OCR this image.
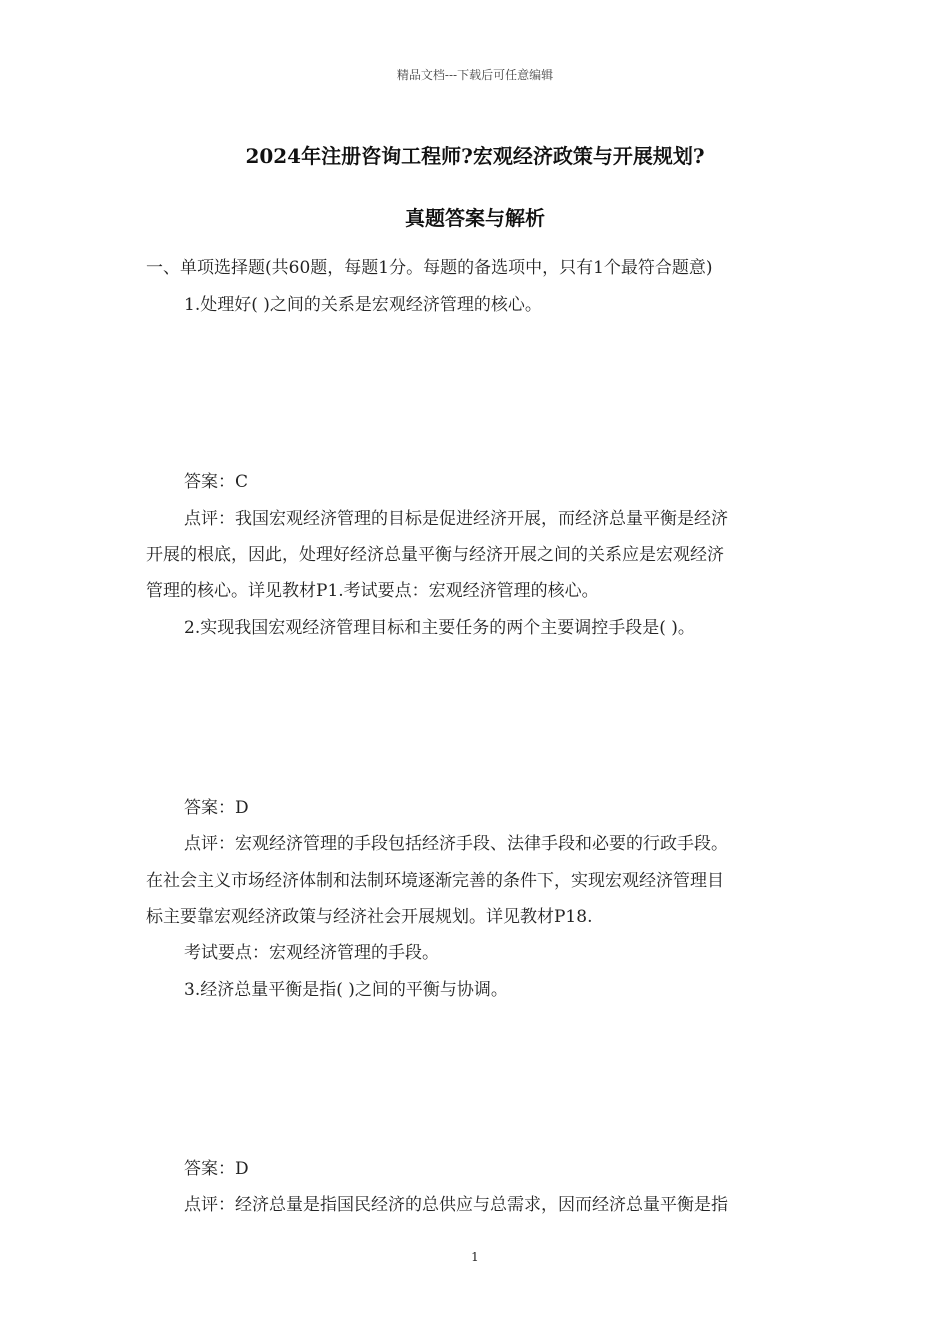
精品文档---下载后可任意编辑
2024年注册咨询工程师?宏观经济政策与开展规划?
真题答案与解析
一、单项选择题(共60题，每题1分。每题的备选项中，只有1个最符合题意)
1.处理好( )之间的关系是宏观经济管理的核心。
答案：C
点评：我国宏观经济管理的目标是促进经济开展，而经济总量平衡是经济
开展的根底，因此，处理好经济总量平衡与经济开展之间的关系应是宏观经济
管理的核心。详见教材P1.考试要点：宏观经济管理的核心。
2.实现我国宏观经济管理目标和主要任务的两个主要调控手段是( )。
答案：D
点评：宏观经济管理的手段包括经济手段、法律手段和必要的行政手段。
在社会主义市场经济体制和法制环境逐渐完善的条件下，实现宏观经济管理目
标主要靠宏观经济政策与经济社会开展规划。详见教材P18.
考试要点：宏观经济管理的手段。
3.经济总量平衡是指( )之间的平衡与协调。
答案：D
点评：经济总量是指国民经济的总供应与总需求，因而经济总量平衡是指
1
